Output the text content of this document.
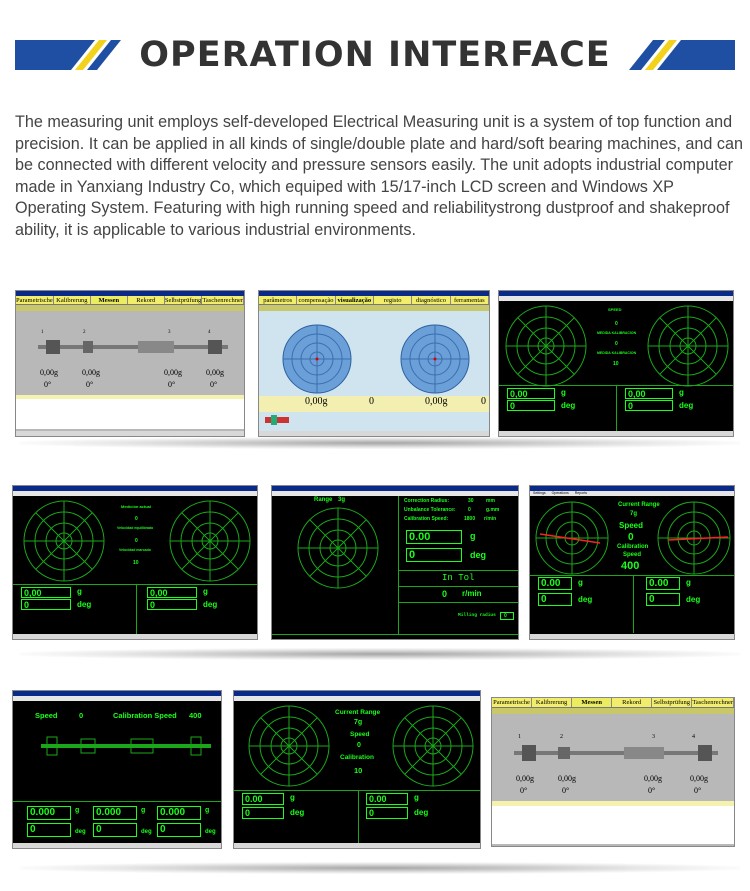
OPERATION INTERFACE

The measuring unit employs self-developed Electrical Measuring unit is a system of top function and precision. It can be applied in all kinds of single/double plate and hard/soft bearing machines, and can be connected with different velocity and pressure sensors easily. The unit adopts industrial computer made in Yanxiang Industry Co, which equiped with 15/17-inch LCD screen and Windows XP Operating System. Featuring with high running speed and reliabilitystrong dustproof and shakeproof ability, it is applicable to various industrial environments.

Parametrische Kalibrerung	Messen	Rekord	Selbstprüfung Taschenrechner
1	2	3	4
0,00g	0,00g	0,00g	0,00g
0°	0°	0°	0°
parâmetros compensação visualização	registo	diagnóstico	ferramentas
0,00g	0	0,00g	0
SPEED
0
MEDIDA KALIBRACION
0
MEDIDA KALIBRACION
10
0,00	g
0	deg
0,00	g
0	deg
Medición actual
0
Velocidad equilibrado
0
Velocidad marcado
10
0,00	g
0	deg
0,00	g
0	deg
Range 3g	Correction Radius:	30 mm
Unbalance Tolerance: 0	g.mm
Calibration Speed:	1800 r/min
0.00	g
0	deg
In Tol
0 r/min
Milling radius	0
Settings Operations Reports
Current Range
7g
Speed
0
Calibration
Speed
400
0.00	g
0	deg
0.00	g
0	deg
Speed	0	Calibration Speed 400
0.000	g
0	deg
0.000	g
0	deg
0.000	g
0	deg
Current Range
7g
Speed
0
Calibration
10
0.00	g
0	deg
0.00	g
0	deg
Parametrische Kalibrerung	Messen	Rekord	Selbstprüfung Taschenrechner
1	2	3	4
0,00g	0,00g	0,00g	0,00g
0°	0°	0°	0°
